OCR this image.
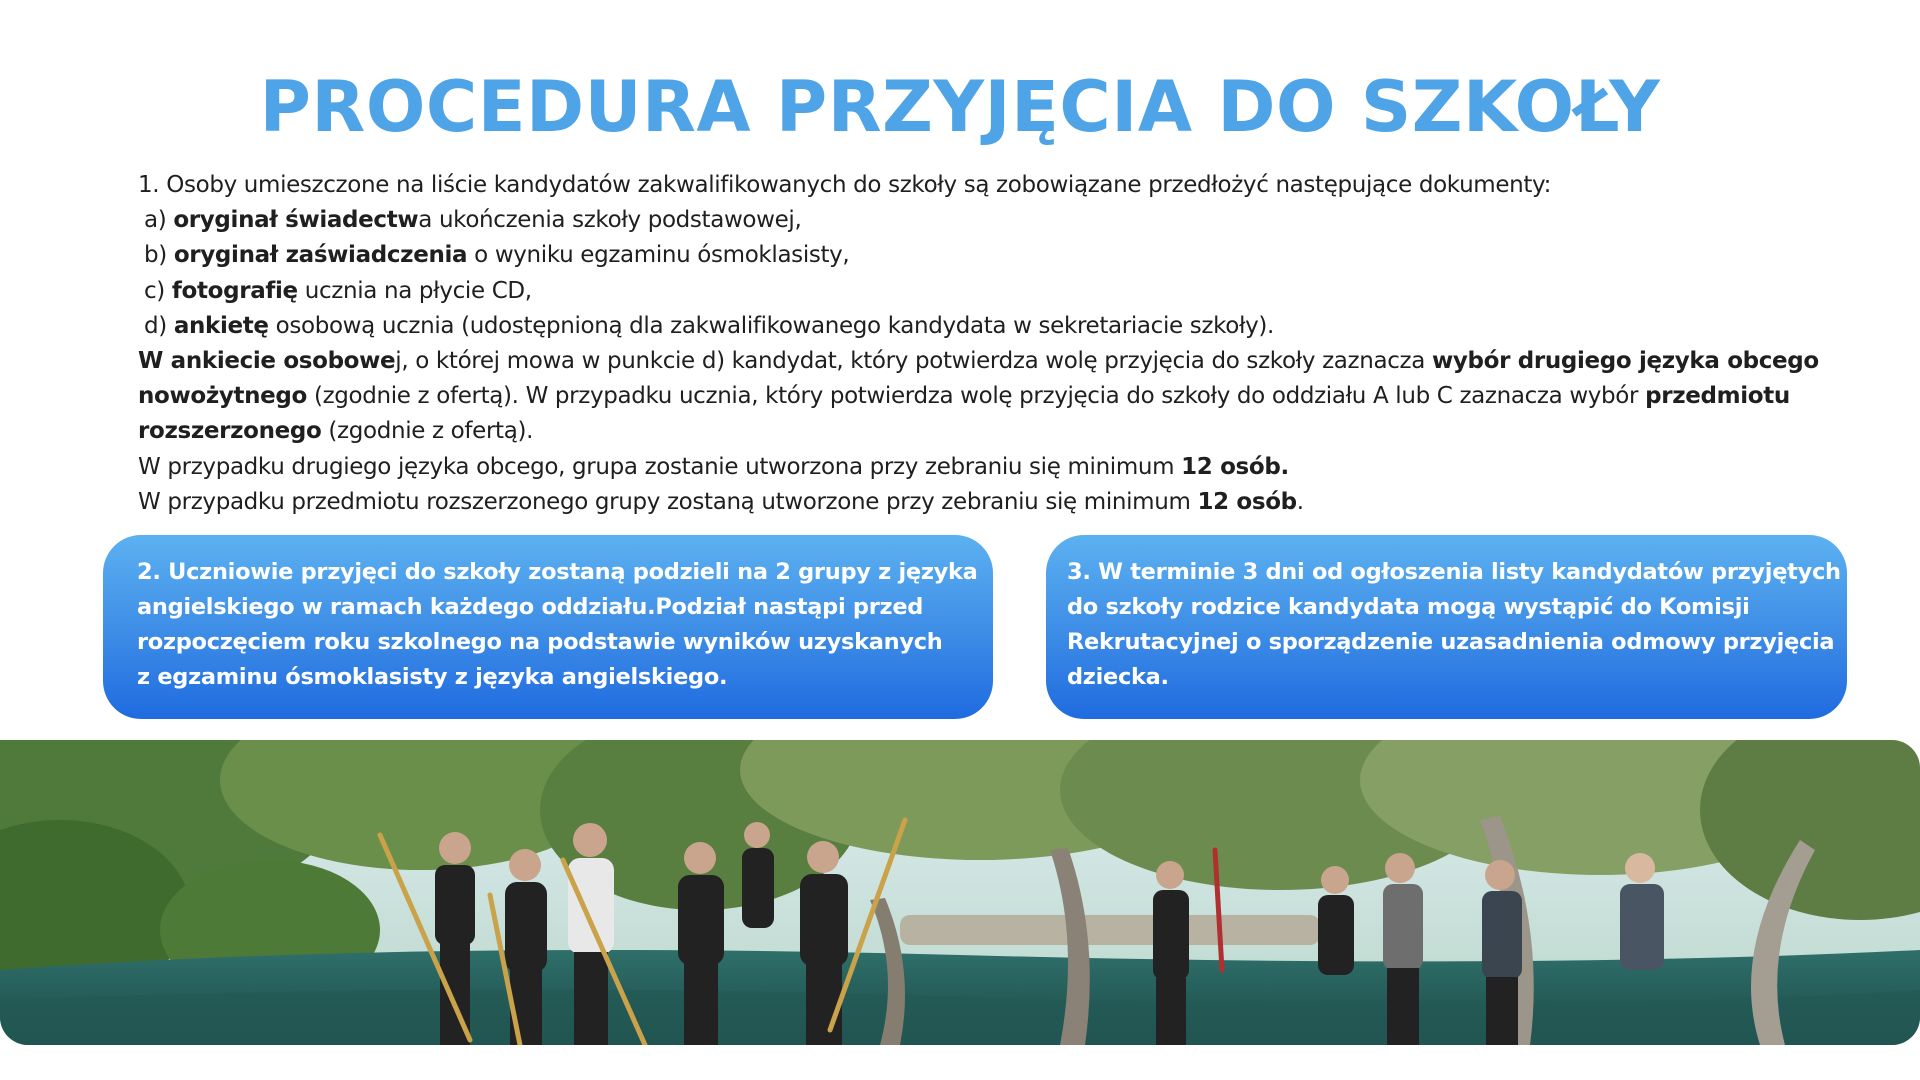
PROCEDURA PRZYJĘCIA DO SZKOŁY

1. Osoby umieszczone na liście kandydatów zakwalifikowanych do szkoły są zobowiązane przedłożyć następujące dokumenty:

a) oryginał świadectwa ukończenia szkoły podstawowej,

b) oryginał zaświadczenia o wyniku egzaminu ósmoklasisty,

c) fotografię ucznia na płycie CD,

d) ankietę osobową ucznia (udostępnioną dla zakwalifikowanego kandydata w sekretariacie szkoły).

W ankiecie osobowej, o której mowa w punkcie d) kandydat, który potwierdza wolę przyjęcia do szkoły zaznacza wybór drugiego języka obcego nowożytnego (zgodnie z ofertą). W przypadku ucznia, który potwierdza wolę przyjęcia do szkoły do oddziału A lub C zaznacza wybór przedmiotu rozszerzonego (zgodnie z ofertą).

W przypadku drugiego języka obcego, grupa zostanie utworzona przy zebraniu się minimum 12 osób.

W przypadku przedmiotu rozszerzonego grupy zostaną utworzone przy zebraniu się minimum 12 osób.

2. Uczniowie przyjęci do szkoły zostaną podzieli na 2 grupy z języka
angielskiego w ramach każdego oddziału.Podział nastąpi przed
rozpoczęciem roku szkolnego na podstawie wyników uzyskanych
z egzaminu ósmoklasisty z języka angielskiego.
3. W terminie 3 dni od ogłoszenia listy kandydatów przyjętych
do szkoły rodzice kandydata mogą wystąpić do Komisji
Rekrutacyjnej o sporządzenie uzasadnienia odmowy przyjęcia
dziecka.
